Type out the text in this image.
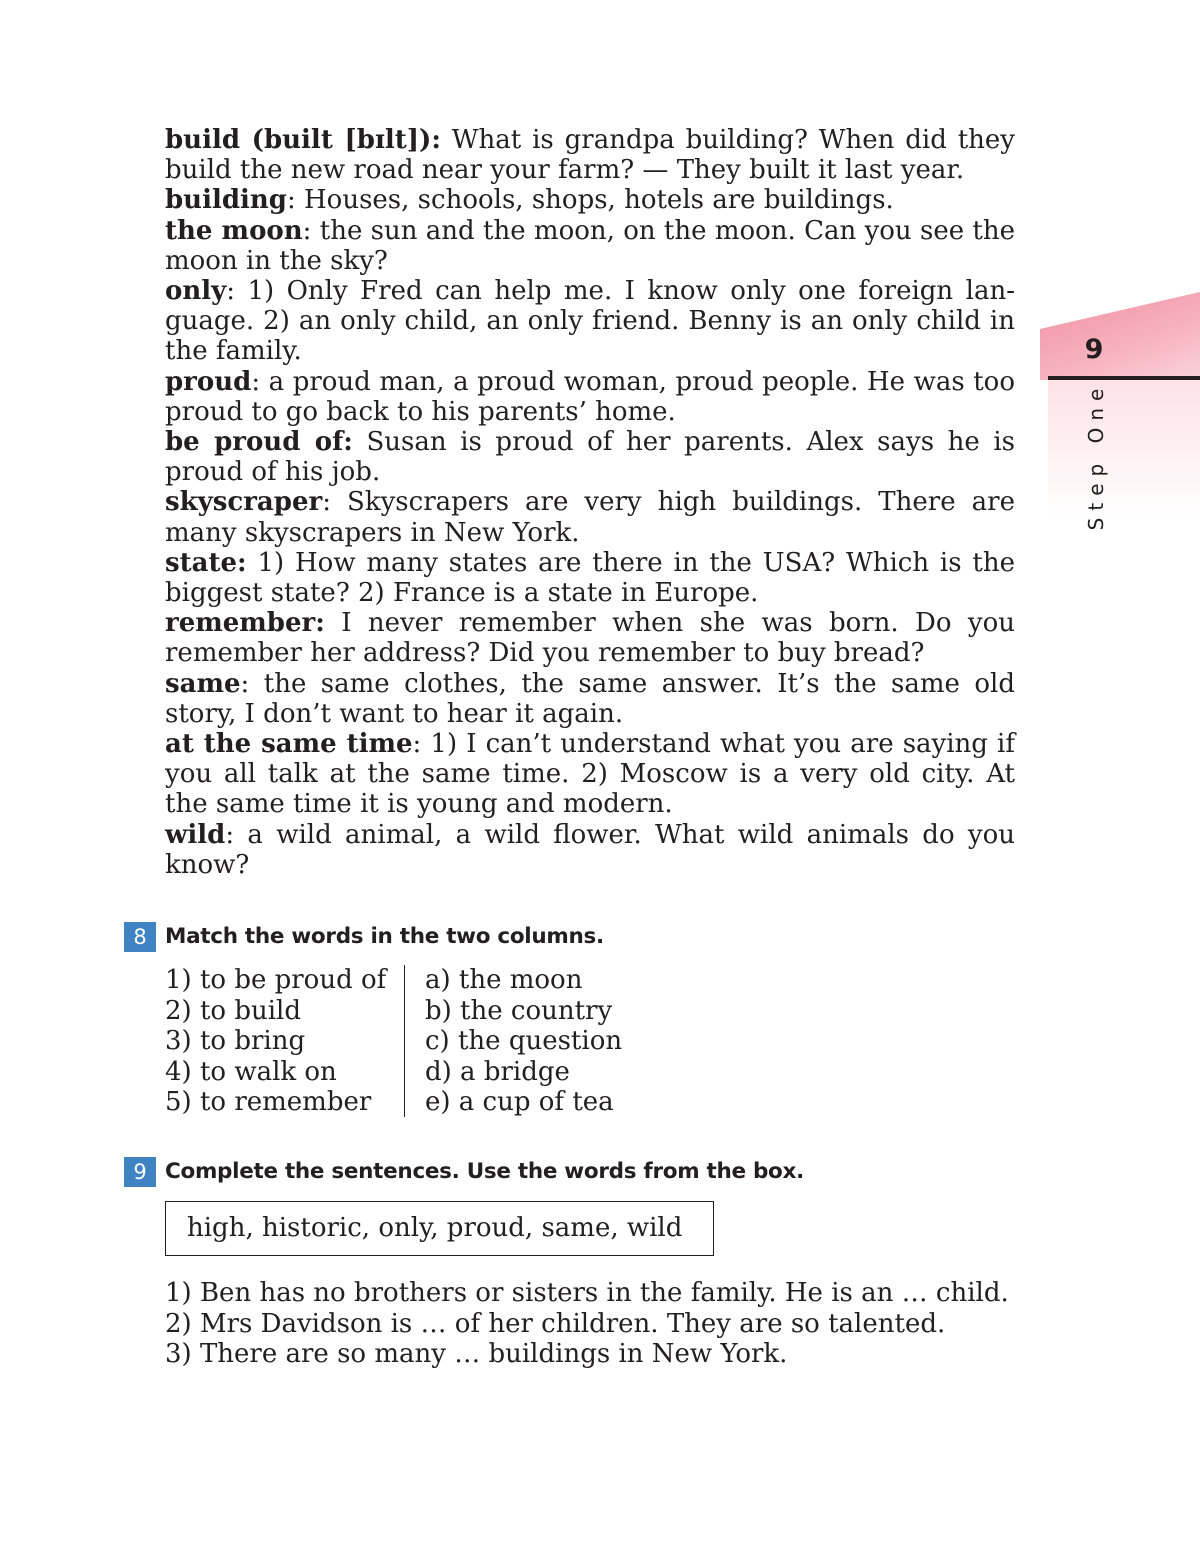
build (built [bɪlt]): What is grandpa building? When did they build the new road near your farm? — They built it last year.

building: Houses, schools, shops, hotels are buildings.

the moon: the sun and the moon, on the moon. Can you see the moon in the sky?

only: 1) Only Fred can help me. I know only one foreign language. 2) an only child, an only friend. Benny is an only child in the family.

proud: a proud man, a proud woman, proud people. He was too proud to go back to his parents’ home.

be proud of: Susan is proud of her parents. Alex says he is proud of his job.

skyscraper: Skyscrapers are very high buildings. There are many skyscrapers in New York.

state: 1) How many states are there in the USA? Which is the biggest state? 2) France is a state in Europe.

remember: I never remember when she was born. Do you remember her address? Did you remember to buy bread?

same: the same clothes, the same answer. It’s the same old story, I don’t want to hear it again.

at the same time: 1) I can’t understand what you are saying if you all talk at the same time. 2) Moscow is a very old city. At the same time it is young and modern.

wild: a wild animal, a wild flower. What wild animals do you know?

9
Step One
8 Match the words in the two columns.
1) to be proud of
2) to build
3) to bring
4) to walk on
5) to remember
a) the moon
b) the country
c) the question
d) a bridge
e) a cup of tea
9 Complete the sentences. Use the words from the box.
high, historic, only, proud, same, wild
1) Ben has no brothers or sisters in the family. He is an … child.
2) Mrs Davidson is … of her children. They are so talented.
3) There are so many … buildings in New York.
